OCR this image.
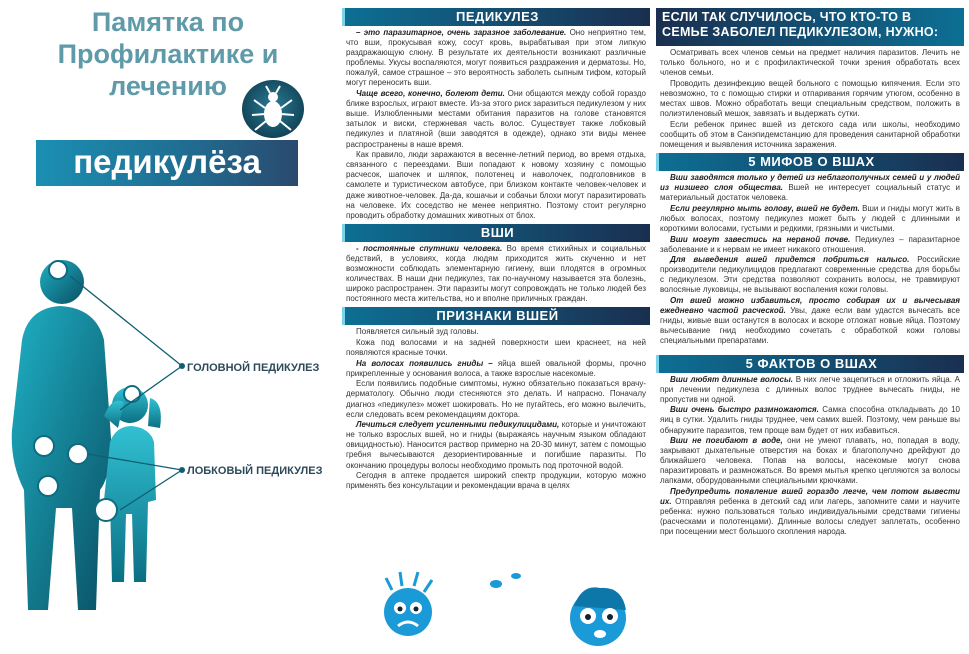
Памятка по Профилактике и лечению
педикулёза
ГОЛОВНОЙ ПЕДИКУЛЕЗ
ЛОБКОВЫЙ ПЕДИКУЛЕЗ
ПЕДИКУЛЕЗ

– это паразитарное, очень заразное заболевание. Оно неприятно тем, что вши, прокусывая кожу, сосут кровь, вырабатывая при этом липкую раздражающую слюну. В результате их деятельности возникают различные проблемы. Укусы воспаляются, могут появиться раздражения и дерматозы. Но, пожалуй, самое страшное – это вероятность заболеть сыпным тифом, который могут переносить вши.

Чаще всего, конечно, болеют дети. Они общаются между собой гораздо ближе взрослых, играют вместе. Из-за этого риск заразиться педикулезом у них выше. Излюбленными местами обитания паразитов на голове становятся затылок и виски, стержневая часть волос. Существует также лобковый педикулез и платяной (вши заводятся в одежде), однако эти виды менее распространены в наше время.

Как правило, люди заражаются в весенне-летний период, во время отдыха, связанного с переездами. Вши попадают к новому хозяину с помощью расчесок, шапочек и шляпок, полотенец и наволочек, подголовников в самолете и туристическом автобусе, при близком контакте человек-человек и даже животное-человек. Да-да, кошачьи и собачьи блохи могут паразитировать на человеке. Их соседство не менее неприятно. Поэтому стоит регулярно проводить обработку домашних животных от блох.

ВШИ

- постоянные спутники человека. Во время стихийных и социальных бедствий, в условиях, когда людям приходится жить скученно и нет возможности соблюдать элементарную гигиену, вши плодятся в огромных количествах. В наши дни педикулез, так по-научному называется эта болезнь, широко распространен. Эти паразиты могут сопровождать не только людей без постоянного места жительства, но и вполне приличных граждан.

ПРИЗНАКИ ВШЕЙ

Появляется сильный зуд головы.

Кожа под волосами и на задней поверхности шеи краснеет, на ней появляются красные точки.

На волосах появились гниды – яйца вшей овальной формы, прочно прикрепленные у основания волоса, а также взрослые насекомые.

Если появились подобные симптомы, нужно обязательно показаться врачу-дерматологу. Обычно люди стесняются это делать. И напрасно. Поначалу диагноз «педикулез» может шокировать. Но не пугайтесь, его можно вылечить, если следовать всем рекомендациям доктора.

Лечиться следует усиленными педикулицидами, которые и уничтожают не только взрослых вшей, но и гниды (выражаясь научным языком обладают овицидностью). Наносится раствор примерно на 20-30 минут, затем с помощью гребня вычесываются дезориентированные и погибшие паразиты. По окончанию процедуры волосы необходимо промыть под проточной водой.

Сегодня в аптеке продается широкий спектр продукции, которую можно применять без консультации и рекомендации врача в целях

ЕСЛИ ТАК СЛУЧИЛОСЬ, ЧТО КТО-ТО В СЕМЬЕ ЗАБОЛЕЛ ПЕДИКУЛЕЗОМ, НУЖНО:

Осматривать всех членов семьи на предмет наличия паразитов. Лечить не только больного, но и с профилактической точки зрения обработать всех членов семьи.

Проводить дезинфекцию вещей больного с помощью кипячения. Если это невозможно, то с помощью стирки и отпаривания горячим утюгом, особенно в местах швов. Можно обработать вещи специальным средством, положить в полиэтиленовый мешок, завязать и выдержать сутки.

Если ребенок принес вшей из детского сада или школы, необходимо сообщить об этом в Санэпидемстанцию для проведения санитарной обработки помещения и выявления источника заражения.

5 МИФОВ О ВШАХ

Вши заводятся только у детей из неблагополучных семей и у людей из низшего слоя общества. Вшей не интересует социальный статус и материальный достаток человека.

Если регулярно мыть голову, вшей не будет. Вши и гниды могут жить в любых волосах, поэтому педикулез может быть у людей с длинными и короткими волосами, густыми и редкими, грязными и чистыми.

Вши могут завестись на нервной почве. Педикулез – паразитарное заболевание и к нервам не имеет никакого отношения.

Для выведения вшей придется побриться налысо. Российские производители педикулицидов предлагают современные средства для борьбы с педикулезом. Эти средства позволяют сохранить волосы, не травмируют волосяные луковицы, не вызывают воспаления кожи головы.

От вшей можно избавиться, просто собирая их и вычесывая ежедневно частой расческой. Увы, даже если вам удастся вычесать все гниды, живые вши останутся в волосах и вскоре отложат новые яйца. Поэтому вычесывание гнид необходимо сочетать с обработкой кожи головы специальными препаратами.

5 ФАКТОВ О ВШАХ

Вши любят длинные волосы. В них легче зацепиться и отложить яйца. А при лечении педикулеза с длинных волос труднее вычесать гниды, не пропустив ни одной.

Вши очень быстро размножаются. Самка способна откладывать до 10 яиц в сутки. Удалить гниды труднее, чем самих вшей. Поэтому, чем раньше вы обнаружите паразитов, тем проще вам будет от них избавиться.

Вши не погибают в воде, они не умеют плавать, но, попадая в воду, закрывают дыхательные отверстия на боках и благополучно дрейфуют до ближайшего человека. Попав на волосы, насекомые могут снова паразитировать и размножаться. Во время мытья крепко цепляются за волосы лапками, оборудованными специальными крючками.

Предупредить появление вшей гораздо легче, чем потом вывести их. Отправляя ребенка в детский сад или лагерь, запомните сами и научите ребенка: нужно пользоваться только индивидуальными средствами гигиены (расческами и полотенцами). Длинные волосы следует заплетать, особенно при посещении мест большого скопления народа.
